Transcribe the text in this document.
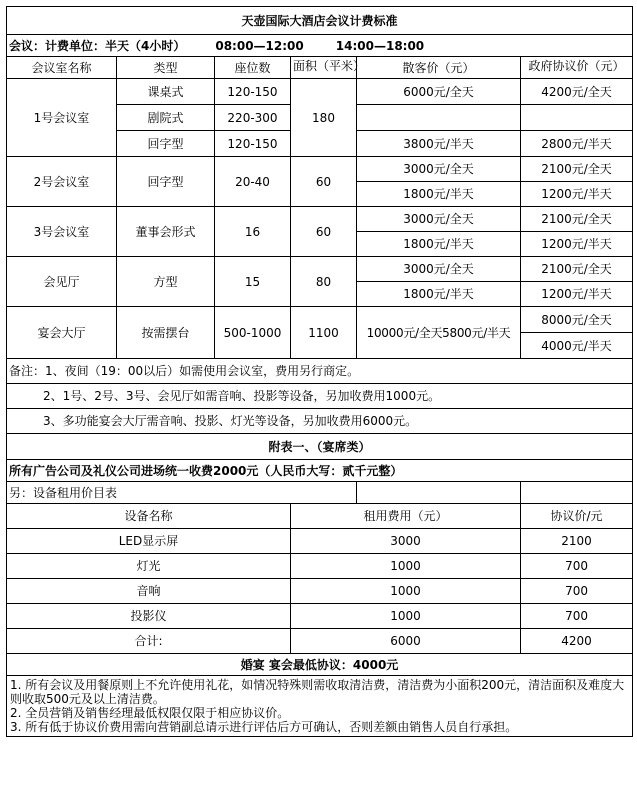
天壶国际大酒店会议计费标准					
会议：计费单位：半天（4小时） 08:00—12:00 14:00—18:00					
会议室名称	类型	座位数	面积（平米）	散客价（元）	政府协议价（元）
1号会议室	课桌式	120-150	180	6000元/全天	4200元/全天
	剧院式	220-300			
	回字型	120-150		3800元/半天	2800元/半天
2号会议室	回字型	20-40	60	3000元/全天	2100元/全天
				1800元/半天	1200元/半天
3号会议室	董事会形式	16	60	3000元/全天	2100元/全天
				1800元/半天	1200元/半天
会见厅	方型	15	80	3000元/全天	2100元/全天
				1800元/半天	1200元/半天
宴会大厅	按需摆台	500-1000	1100	10000元/全天5800元/半天	8000元/全天
					4000元/半天
备注：1、夜间（19：00以后）如需使用会议室，费用另行商定。					
2、1号、2号、3号、会见厅如需音响、投影等设备，另加收费用1000元。					
3、多功能宴会大厅需音响、投影、灯光等设备，另加收费用6000元。					
附表一、（宴席类）					
所有广告公司及礼仪公司进场统一收费2000元（人民币大写：贰千元整）					
另：设备租用价目表					
设备名称			租用费用（元）		协议价/元
LED显示屏			3000		2100
灯光			1000		700
音响			1000		700
投影仪			1000		700
合计:			6000		4200
婚宴 宴会最低协议：4000元					

1. 所有会议及用餐原则上不允许使用礼花，如情况特殊则需收取清洁费，清洁费为小面积200元，清洁面积及难度大则收取500元及以上清洁费。
2. 全员营销及销售经理最低权限仅限于相应协议价。
3. 所有低于协议价费用需向营销副总请示进行评估后方可确认，否则差额由销售人员自行承担。					
